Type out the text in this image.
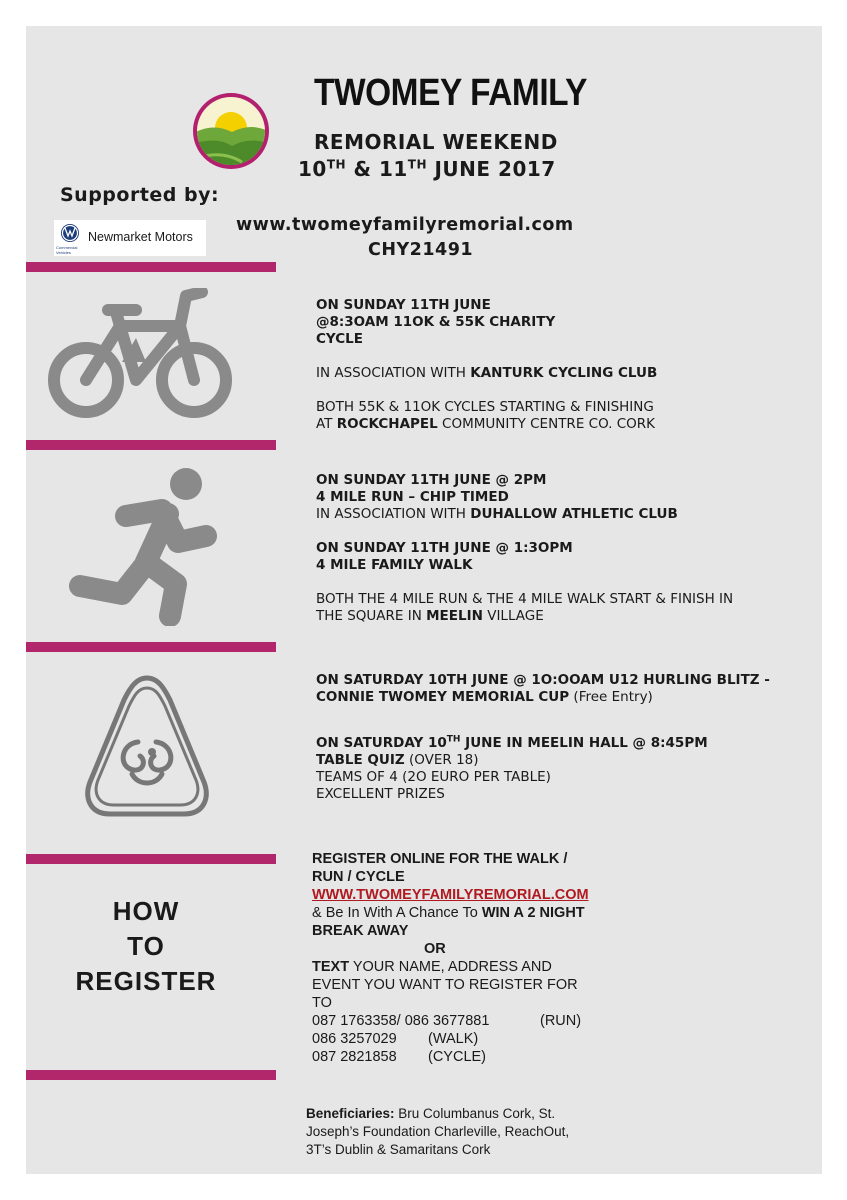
TWOMEY FAMILY
REMORIAL WEEKEND
10TH & 11TH JUNE 2017
Supported by:
Newmarket Motors
Commercial Vehicles
www.twomeyfamilyremorial.com
CHY21491
ON SUNDAY 11TH JUNE
@8:3OAM 11OK & 55K CHARITY
CYCLE
IN ASSOCIATION WITH KANTURK CYCLING CLUB
BOTH 55K & 11OK CYCLES STARTING & FINISHING
AT ROCKCHAPEL COMMUNITY CENTRE CO. CORK
ON SUNDAY 11TH JUNE @ 2PM
4 MILE RUN – CHIP TIMED
IN ASSOCIATION WITH DUHALLOW ATHLETIC CLUB
ON SUNDAY 11TH JUNE @ 1:3OPM
4 MILE FAMILY WALK
BOTH THE 4 MILE RUN & THE 4 MILE WALK START & FINISH IN
THE SQUARE IN MEELIN VILLAGE
ON SATURDAY 10TH JUNE @ 1O:OOAM U12 HURLING BLITZ -
CONNIE TWOMEY MEMORIAL CUP (Free Entry)
ON SATURDAY 10TH JUNE IN MEELIN HALL @ 8:45PM
TABLE QUIZ (OVER 18)
TEAMS OF 4 (2O EURO PER TABLE)
EXCELLENT PRIZES
HOW
TO
REGISTER
REGISTER ONLINE FOR THE WALK /
RUN / CYCLE
WWW.TWOMEYFAMILYREMORIAL.COM
& Be In With A Chance To WIN A 2 NIGHT
BREAK AWAY
OR
TEXT YOUR NAME, ADDRESS AND
EVENT YOU WANT TO REGISTER FOR
TO
087 1763358/ 086 3677881	(RUN)
086 3257029 (WALK)
087 2821858 (CYCLE)
Beneficiaries: Bru Columbanus Cork, St.
Joseph’s Foundation Charleville, ReachOut,
3T’s Dublin & Samaritans Cork
